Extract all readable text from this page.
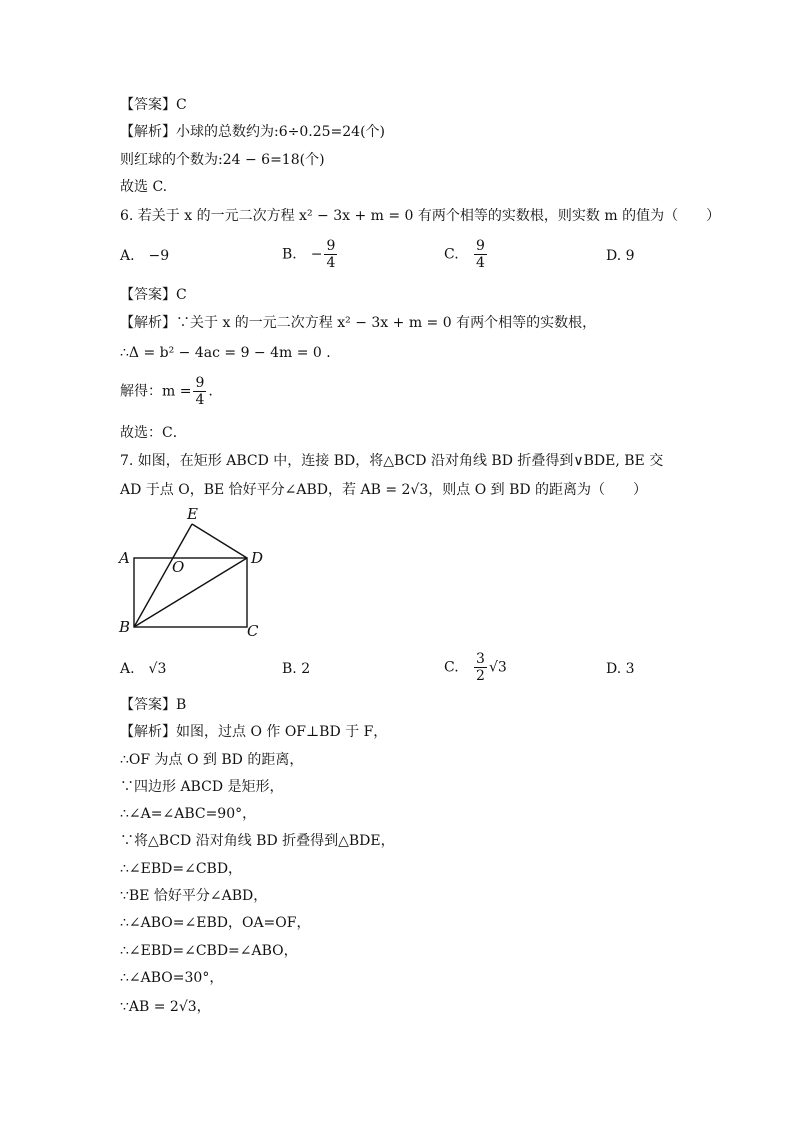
【答案】C
【解析】小球的总数约为:6÷0.25=24(个)
则红球的个数为:24 − 6=18(个)
故选 C.
6. 若关于 x 的一元二次方程 x² − 3x + m = 0 有两个相等的实数根，则实数 m 的值为（　　）
A.　−9	B.　− $\frac{9}{4}$	C. $\frac{9}{4}$	D. 9
【答案】C
【解析】∵关于 x 的一元二次方程 x² − 3x + m = 0 有两个相等的实数根，
∴Δ = b² − 4ac = 9 − 4m = 0 .
解得：$m = \frac{9}{4}$ .
故选：C．
7. 如图，在矩形 ABCD 中，连接 BD，将△BCD 沿对角线 BD 折叠得到∨BDE, BE 交
AD 于点 O，BE 恰好平分∠ABD，若 AB = 2√3，则点 O 到 BD 的距离为（　　）
E
A	O	D
B	C
A.　√3	B. 2	C. $\frac{3}{2} √3$	D. 3
【答案】B
【解析】如图，过点 O 作 OF⊥BD 于 F，
∴OF 为点 O 到 BD 的距离，
∵四边形 ABCD 是矩形，
∴∠A=∠ABC=90°，
∵将△BCD 沿对角线 BD 折叠得到△BDE，
∴∠EBD=∠CBD，
∵BE 恰好平分∠ABD，
∴∠ABO=∠EBD，OA=OF，
∴∠EBD=∠CBD=∠ABO，
∴∠ABO=30°，
∵AB = 2√3，
